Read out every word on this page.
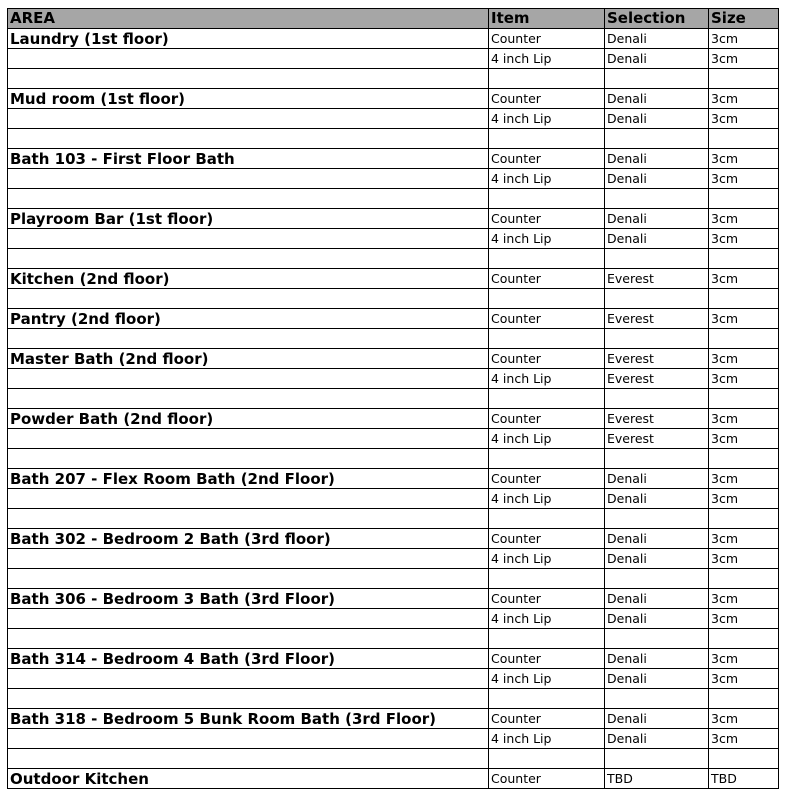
AREA	Item	Selection	Size
Laundry (1st floor)	Counter	Denali	3cm
	4 inch Lip	Denali	3cm

Mud room (1st floor)	Counter	Denali	3cm
	4 inch Lip	Denali	3cm

Bath 103 - First Floor Bath	Counter	Denali	3cm
	4 inch Lip	Denali	3cm

Playroom Bar (1st floor)	Counter	Denali	3cm
	4 inch Lip	Denali	3cm

Kitchen (2nd floor)	Counter	Everest	3cm

Pantry (2nd floor)	Counter	Everest	3cm

Master Bath (2nd floor)	Counter	Everest	3cm
	4 inch Lip	Everest	3cm

Powder Bath (2nd floor)	Counter	Everest	3cm
	4 inch Lip	Everest	3cm

Bath 207 - Flex Room Bath (2nd Floor)	Counter	Denali	3cm
	4 inch Lip	Denali	3cm

Bath 302 - Bedroom 2 Bath (3rd floor)	Counter	Denali	3cm
	4 inch Lip	Denali	3cm

Bath 306 - Bedroom 3 Bath (3rd Floor)	Counter	Denali	3cm
	4 inch Lip	Denali	3cm

Bath 314 - Bedroom 4 Bath (3rd Floor)	Counter	Denali	3cm
	4 inch Lip	Denali	3cm

Bath 318 - Bedroom 5 Bunk Room Bath (3rd Floor)	Counter	Denali	3cm
	4 inch Lip	Denali	3cm

Outdoor Kitchen	Counter	TBD	TBD
